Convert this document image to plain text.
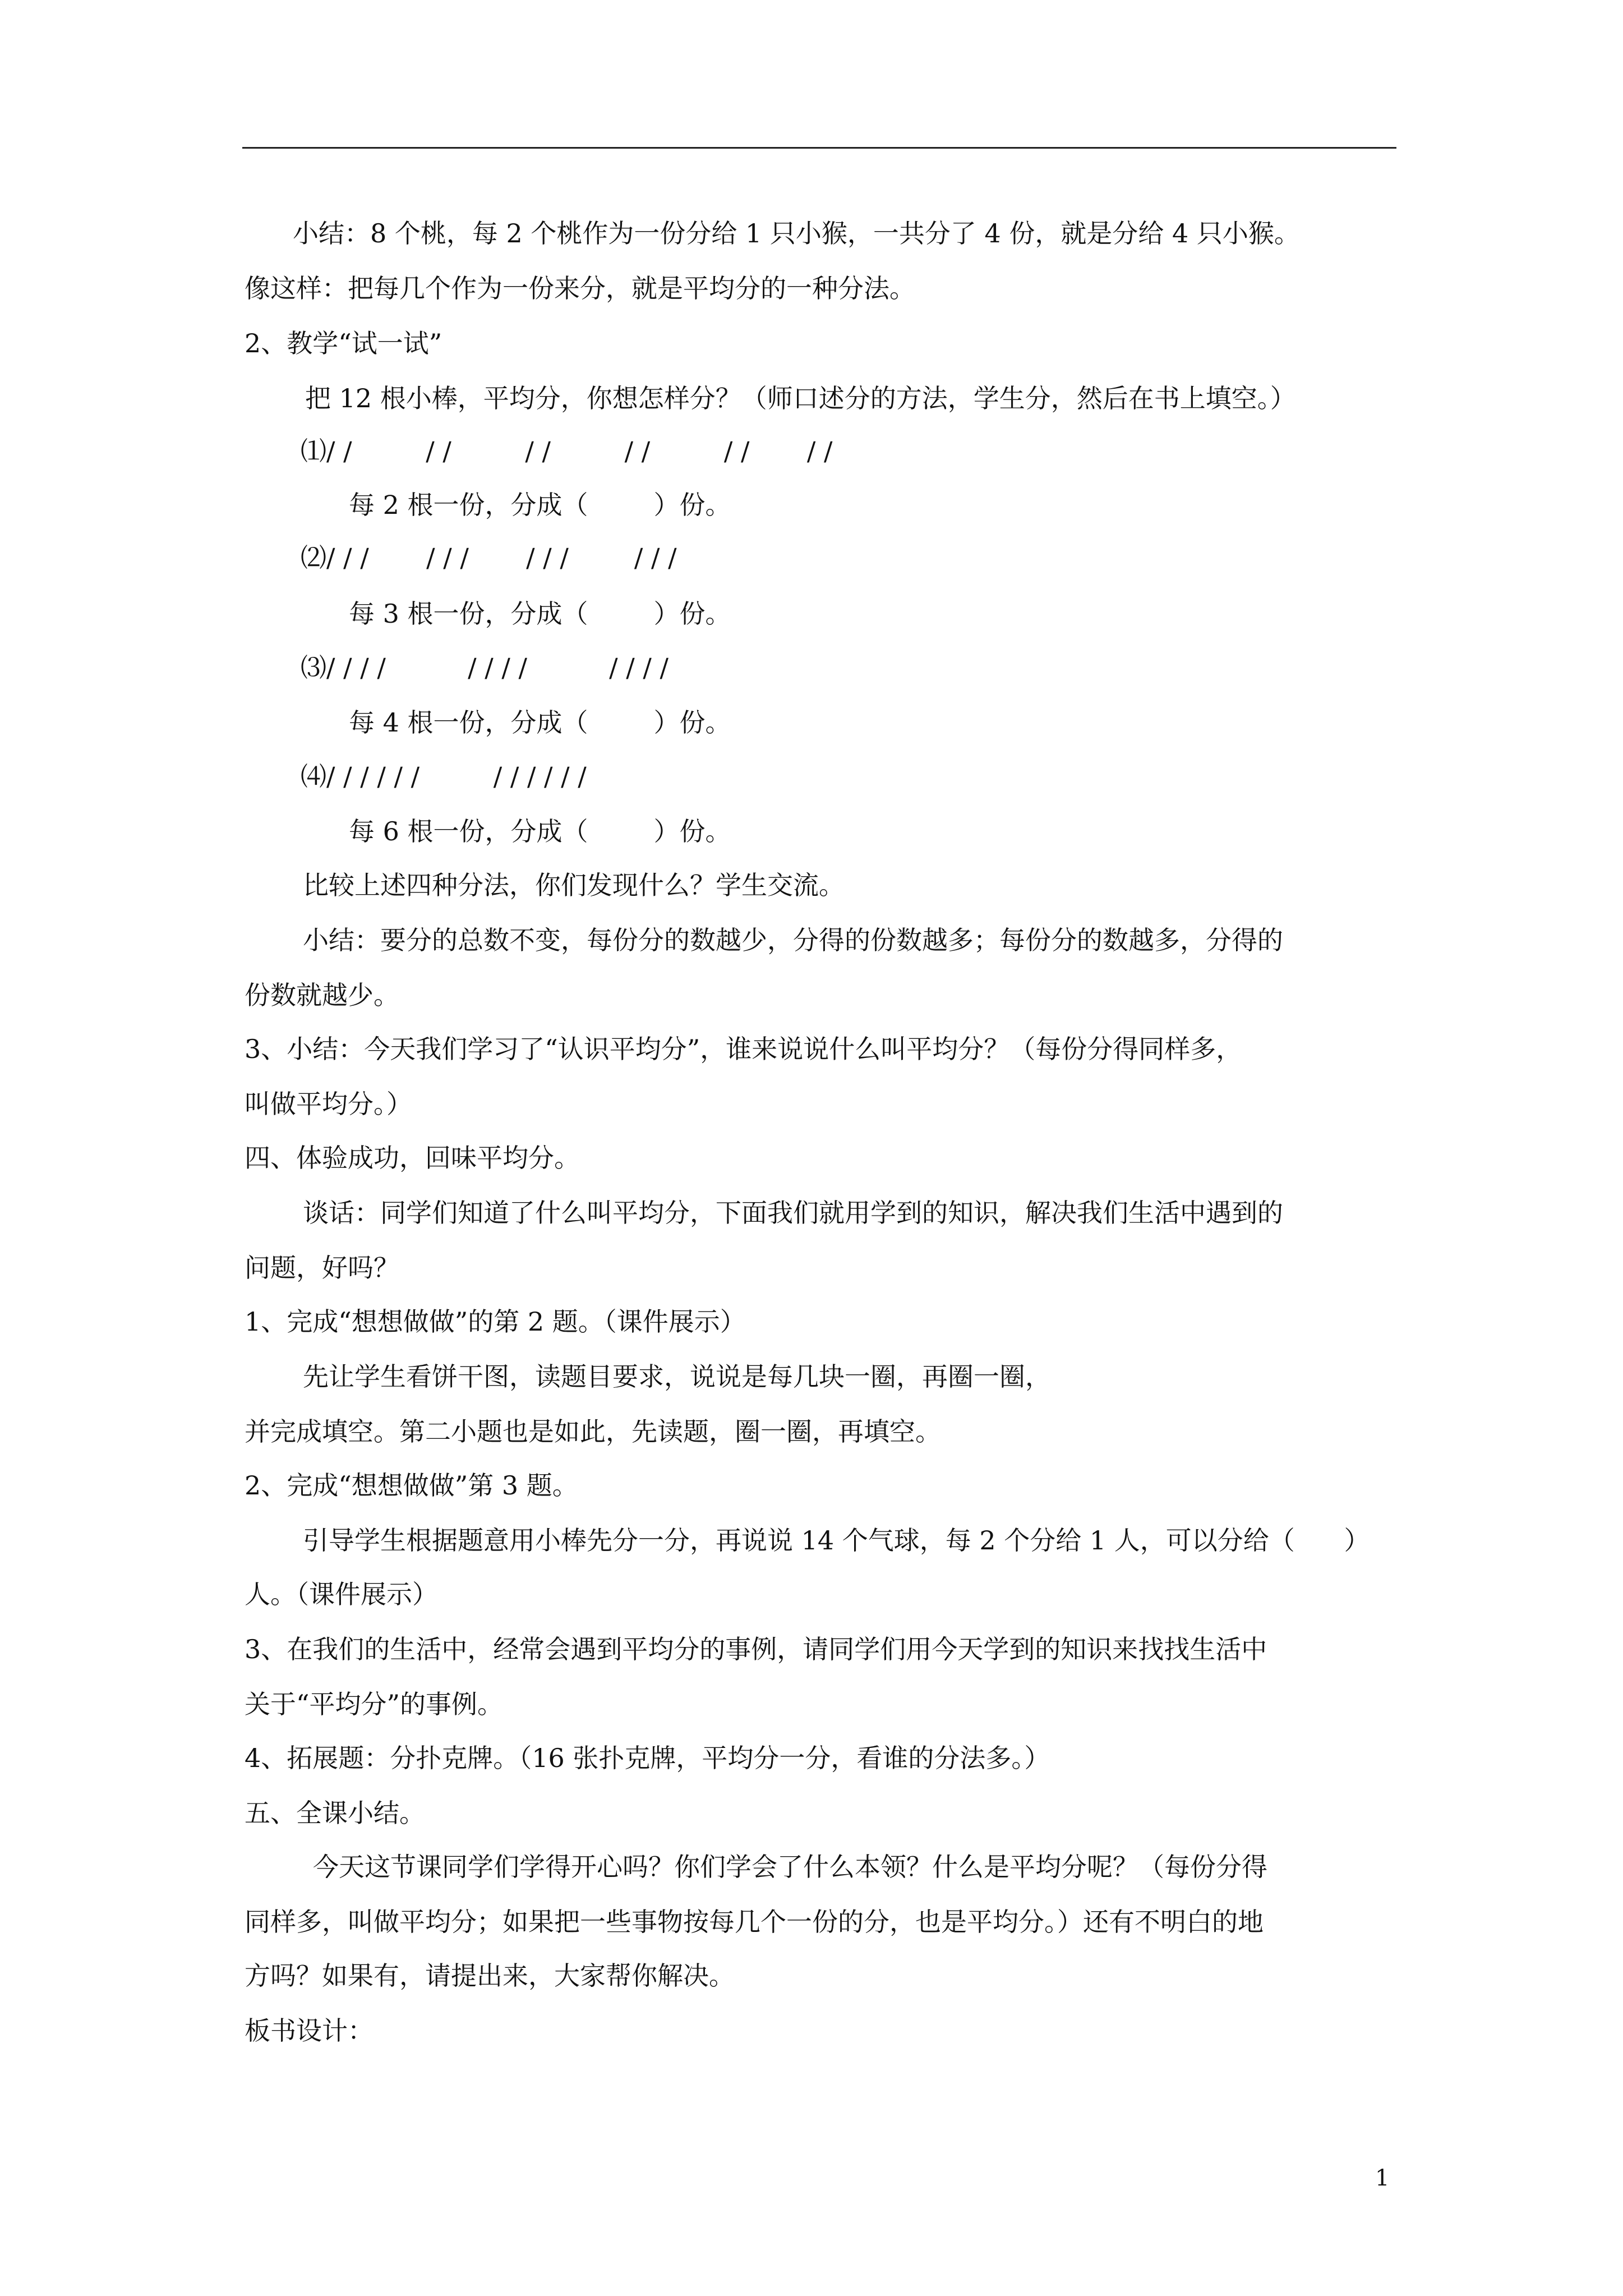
小结：8 个桃，每 2 个桃作为一份分给 1 只小猴，一共分了 4 份，就是分给 4 只小猴。
像这样：把每几个作为一份来分，就是平均分的一种分法。
2、教学“试一试”
把 12 根小棒，平均分，你想怎样分？（师口述分的方法，学生分，然后在书上填空。）
⑴/ /         / /         / /         / /         / /       / /
每 2 根一份，分成（        ）份。
⑵/ / /       / / /       / / /        / / /
每 3 根一份，分成（        ）份。
⑶/ / / /          / / / /          / / / /
每 4 根一份，分成（        ）份。
⑷/ / / / / /         / / / / / /
每 6 根一份，分成（        ）份。
比较上述四种分法，你们发现什么？学生交流。
小结：要分的总数不变，每份分的数越少，分得的份数越多；每份分的数越多，分得的
份数就越少。
3、小结：今天我们学习了“认识平均分”，谁来说说什么叫平均分？（每份分得同样多，
叫做平均分。）
四、体验成功，回味平均分。
谈话：同学们知道了什么叫平均分，下面我们就用学到的知识，解决我们生活中遇到的
问题，好吗？
1、完成“想想做做”的第 2 题。（课件展示）
先让学生看饼干图，读题目要求，说说是每几块一圈，再圈一圈，
并完成填空。第二小题也是如此，先读题，圈一圈，再填空。
2、完成“想想做做”第 3 题。
引导学生根据题意用小棒先分一分，再说说 14 个气球，每 2 个分给 1 人，可以分给（      ）
人。（课件展示）
3、在我们的生活中，经常会遇到平均分的事例，请同学们用今天学到的知识来找找生活中
关于“平均分”的事例。
4、拓展题：分扑克牌。（16 张扑克牌，平均分一分，看谁的分法多。）
五、全课小结。
今天这节课同学们学得开心吗？你们学会了什么本领？什么是平均分呢？（每份分得
同样多，叫做平均分；如果把一些事物按每几个一份的分，也是平均分。）还有不明白的地
方吗？如果有，请提出来，大家帮你解决。
板书设计：
1
